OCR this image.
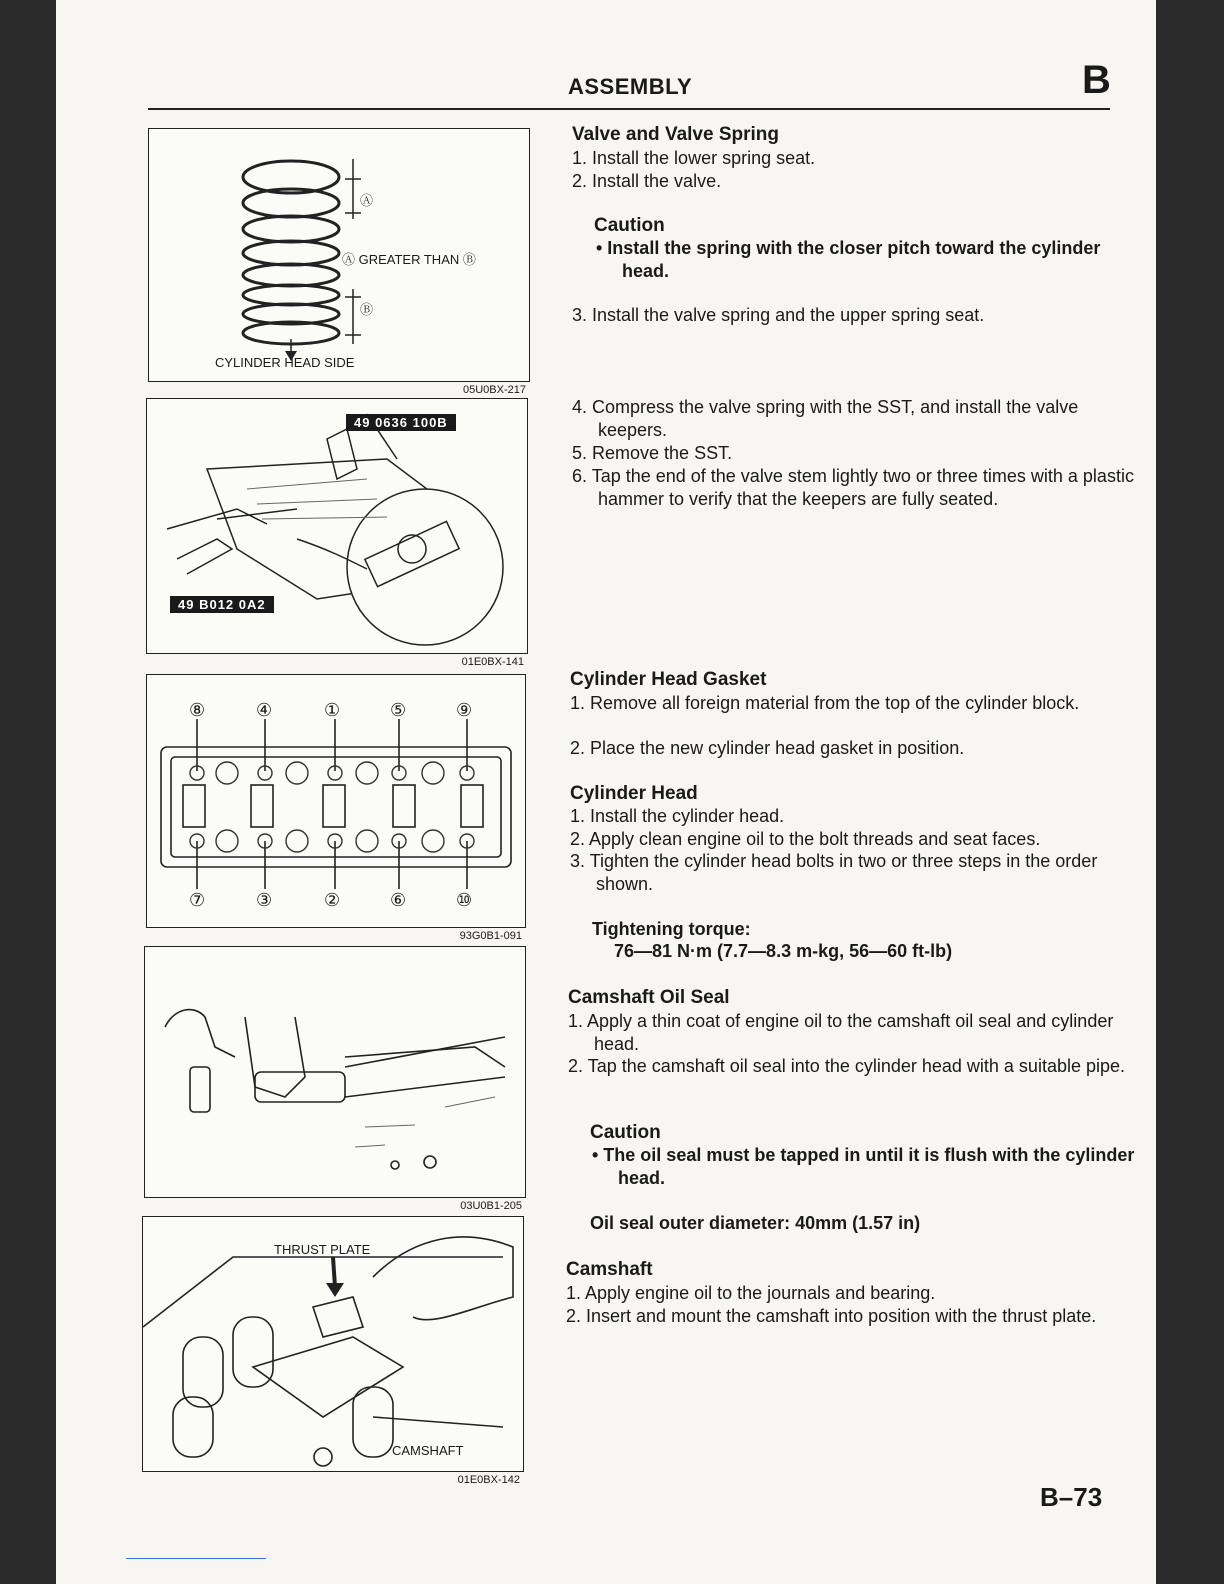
ASSEMBLY	B
Ⓐ
Ⓐ GREATER THAN Ⓑ
Ⓑ
CYLINDER HEAD SIDE
05U0BX-217
49 0636 100B
49 B012 0A2
01E0BX-141
⑧	④	①	⑤	⑨
⑦	③	②	⑥	⑩
93G0B1-091
03U0B1-205
THRUST PLATE
CAMSHAFT
01E0BX-142
Valve and Valve Spring
1. Install the lower spring seat.
2. Install the valve.
Caution
• Install the spring with the closer pitch toward the cylinder head.
3. Install the valve spring and the upper spring seat.
4. Compress the valve spring with the SST, and install the valve keepers.
5. Remove the SST.
6. Tap the end of the valve stem lightly two or three times with a plastic hammer to verify that the keepers are fully seated.
Cylinder Head Gasket
1. Remove all foreign material from the top of the cylinder block.
2. Place the new cylinder head gasket in position.
Cylinder Head
1. Install the cylinder head.
2. Apply clean engine oil to the bolt threads and seat faces.
3. Tighten the cylinder head bolts in two or three steps in the order shown.
Tightening torque:
76—81 N·m (7.7—8.3 m-kg, 56—60 ft-lb)
Camshaft Oil Seal
1. Apply a thin coat of engine oil to the camshaft oil seal and cylinder head.
2. Tap the camshaft oil seal into the cylinder head with a suitable pipe.
Caution
• The oil seal must be tapped in until it is flush with the cylinder head.
Oil seal outer diameter: 40mm (1.57 in)
Camshaft
1. Apply engine oil to the journals and bearing.
2. Insert and mount the camshaft into position with the thrust plate.
B–73
